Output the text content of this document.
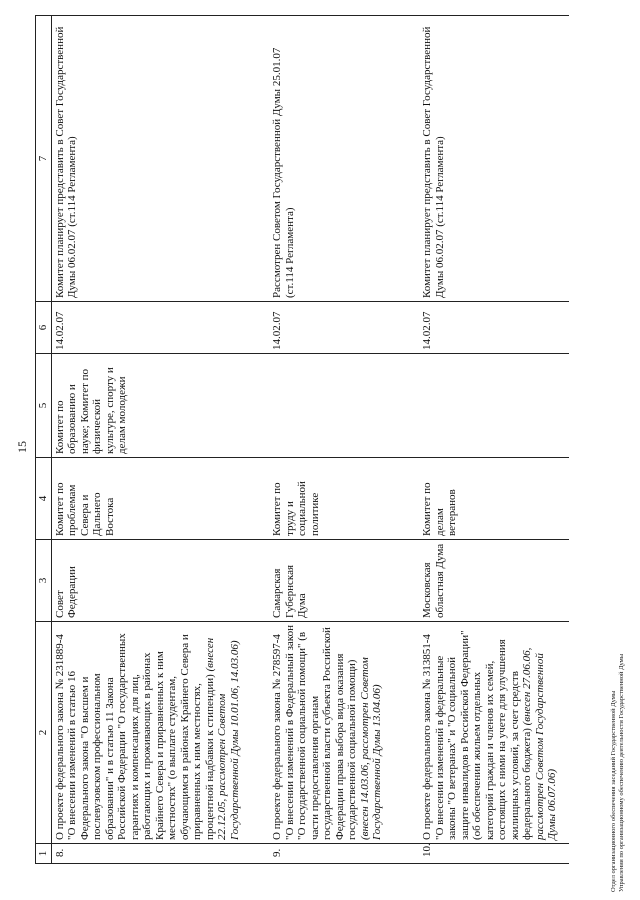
15
1	2	3	4	5	6	7
8.	О проекте федерального закона № 231889-4 "О внесении изменений в статью 16 Федерального закона "О высшем и послевузовском профессиональном образовании" и в статью 11 Закона Российской Федерации "О государственных гарантиях и компенсациях для лиц, работающих и проживающих в районах Крайнего Севера и приравненных к ним местностях" (о выплате студентам, обучающимся в районах Крайнего Севера и приравненных к ним местностях, процентной надбавки к стипендии) (внесен 22.12.05, рассмотрен Советом Государственной Думы 10.01.06, 14.03.06)	Совет Федерации	Комитет по проблемам Севера и Дальнего Востока	Комитет по образованию и науке; Комитет по физической культуре, спорту и делам молодежи	14.02.07	Комитет планирует представить в Совет Государственной Думы 06.02.07 (ст.114 Регламента)
9.	О проекте федерального закона № 278597-4 "О внесении изменений в Федеральный закон "О государственной социальной помощи" (в части предоставления органам государственной власти субъекта Российской Федерации права выбора вида оказания государственной социальной помощи) (внесен 14.03.06, рассмотрен Советом Государственной Думы 13.04.06)	Самарская Губернская Дума	Комитет по труду и социальной политике		14.02.07	Рассмотрен Советом Государственной Думы 25.01.07 (ст.114 Регламента)
10.	О проекте федерального закона № 313851-4 "О внесении изменений в федеральные законы "О ветеранах" и "О социальной защите инвалидов в Российской Федерации" (об обеспечении жильем отдельных категорий граждан и членов их семей, состоящих с ними на учете для улучшения жилищных условий, за счет средств федерального бюджета) (внесен 27.06.06, рассмотрен Советом Государственной Думы 06.07.06)	Московская областная Дума	Комитет по делам ветеранов		14.02.07	Комитет планирует представить в Совет Государственной Думы 06.02.07 (ст.114 Регламента)
Отдел организационного обеспечения заседаний Государственной Думы Управления по организационному обеспечению деятельности Государственной Думы
